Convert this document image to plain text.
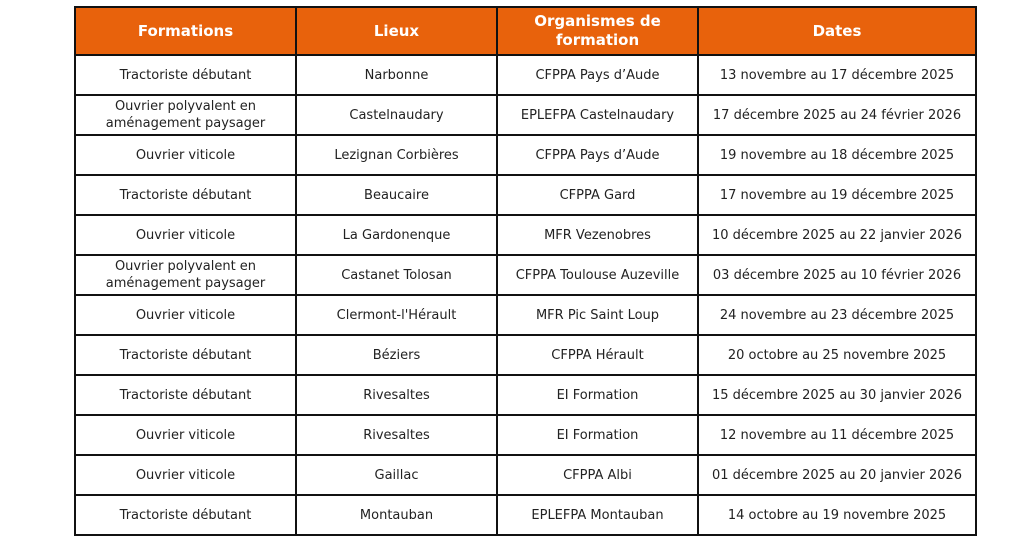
Formations	Lieux	Organismes de formation	Dates
Tractoriste débutant	Narbonne	CFPPA Pays d’Aude	13 novembre au 17 décembre 2025
Ouvrier polyvalent en aménagement paysager	Castelnaudary	EPLEFPA Castelnaudary	17 décembre 2025 au 24 février 2026
Ouvrier viticole	Lezignan Corbières	CFPPA Pays d’Aude	19 novembre au 18 décembre 2025
Tractoriste débutant	Beaucaire	CFPPA Gard	17 novembre au 19 décembre 2025
Ouvrier viticole	La Gardonenque	MFR Vezenobres	10 décembre 2025 au 22 janvier 2026
Ouvrier polyvalent en aménagement paysager	Castanet Tolosan	CFPPA Toulouse Auzeville	03 décembre 2025 au 10 février 2026
Ouvrier viticole	Clermont-l'Hérault	MFR Pic Saint Loup	24 novembre au 23 décembre 2025
Tractoriste débutant	Béziers	CFPPA Hérault	20 octobre au 25 novembre 2025
Tractoriste débutant	Rivesaltes	EI Formation	15 décembre 2025 au 30 janvier 2026
Ouvrier viticole	Rivesaltes	EI Formation	12 novembre au 11 décembre 2025
Ouvrier viticole	Gaillac	CFPPA Albi	01 décembre 2025 au 20 janvier 2026
Tractoriste débutant	Montauban	EPLEFPA Montauban	14 octobre au 19 novembre 2025
